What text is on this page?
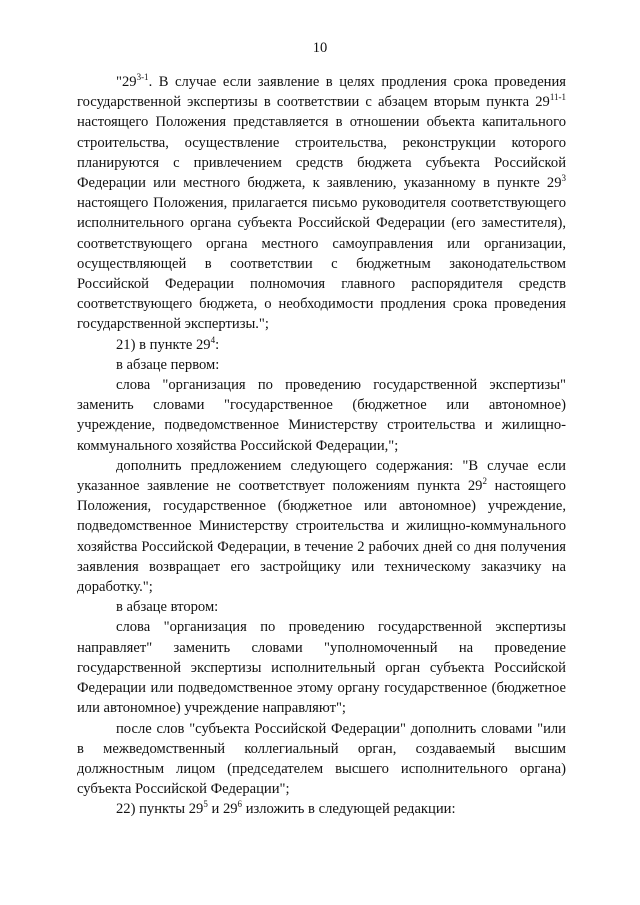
10

"29$^{3-1}$. В случае если заявление в целях продления срока проведения государственной экспертизы в соответствии с абзацем вторым пункта 29$^{11-1}$ настоящего Положения представляется в отношении объекта капитального строительства, осуществление строительства, реконструкции которого планируются с привлечением средств бюджета субъекта Российской Федерации или местного бюджета, к заявлению, указанному в пункте $29^3$ настоящего Положения, прилагается письмо руководителя соответствующего исполнительного органа субъекта Российской Федерации (его заместителя), соответствующего органа местного самоуправления или организации, осуществляющей в соответствии с бюджетным законодательством Российской Федерации полномочия главного распорядителя средств соответствующего бюджета, о необходимости продления срока проведения государственной экспертизы.";

21) в пункте $29^4$:

в абзаце первом:

слова "организация по проведению государственной экспертизы" заменить словами "государственное (бюджетное или автономное) учреждение, подведомственное Министерству строительства и жилищно-коммунального хозяйства Российской Федерации,";

дополнить предложением следующего содержания: "В случае если указанное заявление не соответствует положениям пункта $29^2$ настоящего Положения, государственное (бюджетное или автономное) учреждение, подведомственное Министерству строительства и жилищно-коммунального хозяйства Российской Федерации, в течение 2 рабочих дней со дня получения заявления возвращает его застройщику или техническому заказчику на доработку.";

в абзаце втором:

слова "организация по проведению государственной экспертизы направляет" заменить словами "уполномоченный на проведение государственной экспертизы исполнительный орган субъекта Российской Федерации или подведомственное этому органу государственное (бюджетное или автономное) учреждение направляют";

после слов "субъекта Российской Федерации" дополнить словами "или в межведомственный коллегиальный орган, создаваемый высшим должностным лицом (председателем высшего исполнительного органа) субъекта Российской Федерации";

22) пункты $29^5$ и $29^6$ изложить в следующей редакции:
